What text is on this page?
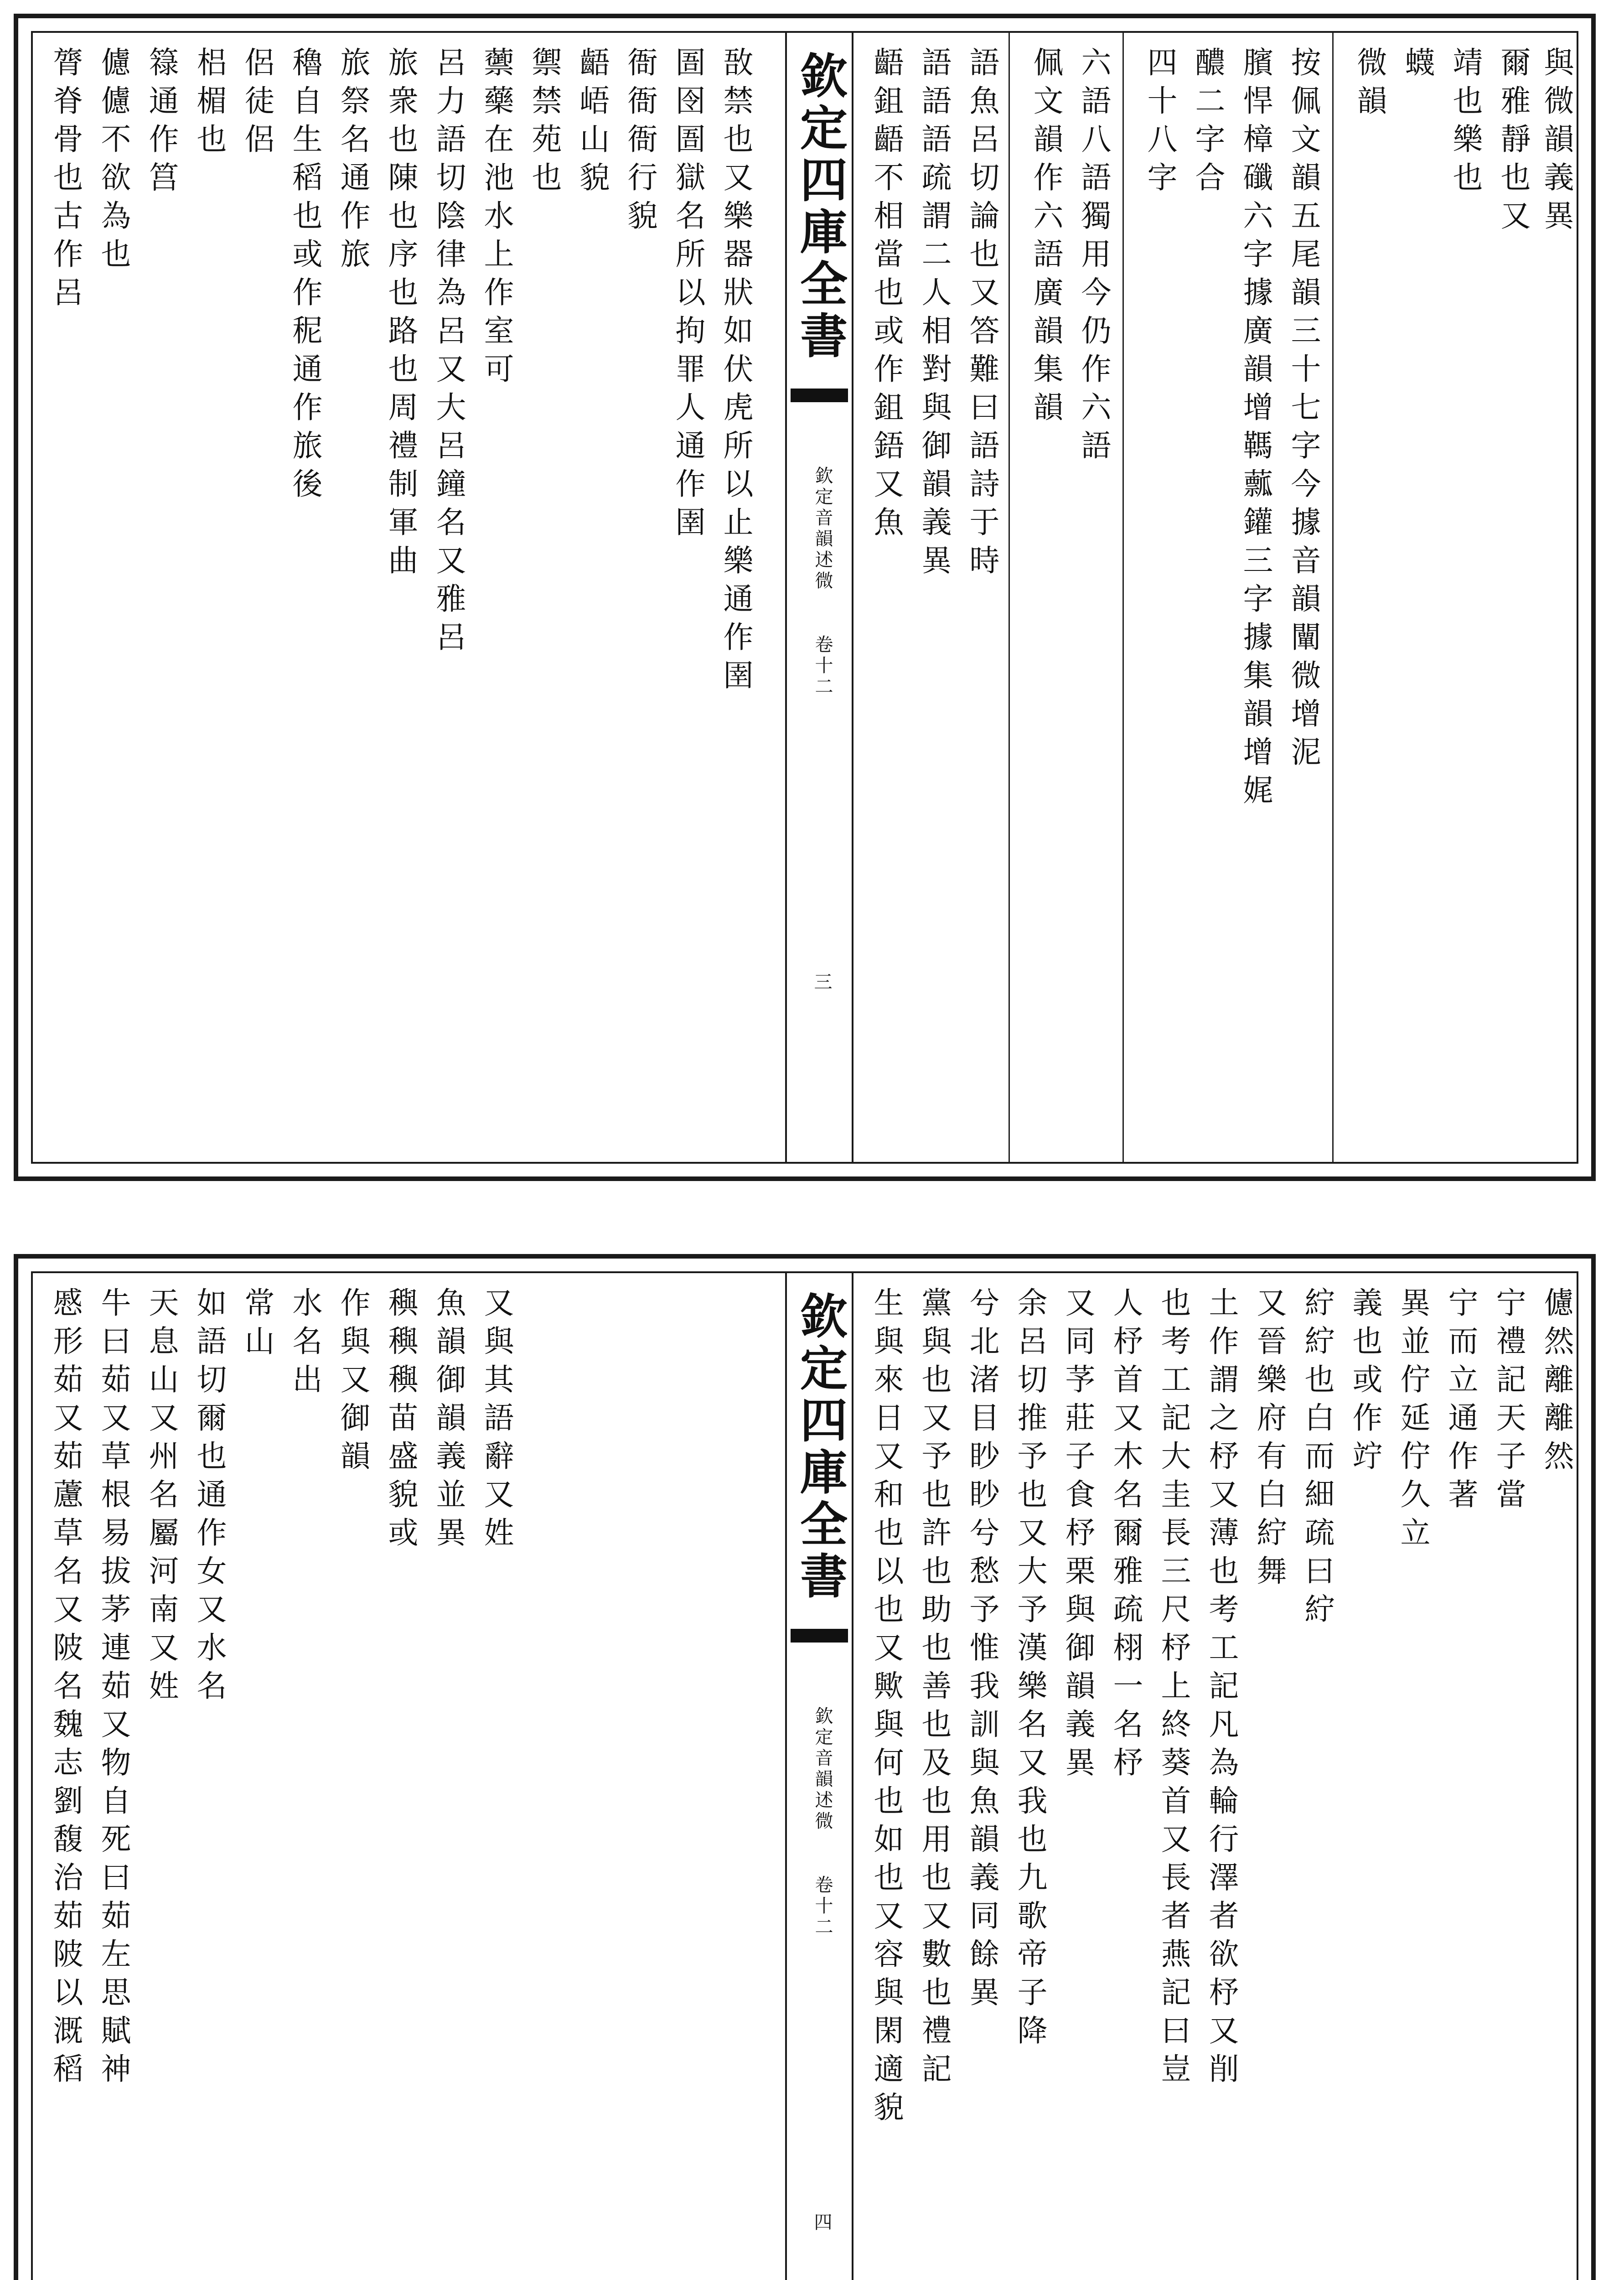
膂脊骨也古作呂 儢儢不欲為也 簶通作筥 梠楣也 侶徒侶 穭自生稻也或作秜通作旅後 旅祭名通作旅 旅衆也陳也序也路也周禮制軍曲 呂力語切陰律為呂又大呂鐘名又雅呂 蘌藥在池水上作室可 禦禁苑也 齬峿山貌 衙衙衙行貌 圄囹圄獄名所以拘罪人通作圉 敔禁也又樂器狀如伏虎所以止樂通作圉 欽定四庫全書
欽定音韻述微
卷十二
三
齬鉏齬不相當也或作鉏鋙又魚 語語語疏謂二人相對與御韻義異 語魚呂切論也又答難曰語詩于時 佩文韻作六語廣韻集韻 六語八語獨用今仍作六語	四十八字 醲二字合 臏悍樟䃸六字據廣韻增䩻䕯鑵三字據集韻增娓 按佩文韻五尾韻三十七字今據音韻闡微增泥	微韻 蠛 靖也樂也 爾雅靜也又 與微韻義異
慼形茹又茹藘草名又陂名魏志劉馥治茹陂以溉稻 牛曰茹又草根易拔茅連茹又物自死曰茹左思賦神 天息山又州名屬河南又姓 如語切爾也通作女又水名 常山 水名出 作與又御韻 穥穥穥苗盛貌或 魚韻御韻義並異 又與其語辭又姓	欽定四庫全書
欽定音韻述微
卷十二
四
生與來日又和也以也又歟與何也如也又容與閑適貌 黨與也又予也許也助也善也及也用也又數也禮記 兮北渚目眇眇兮愁予惟我訓與魚韻義同餘異 余呂切推予也又大予漢樂名又我也九歌帝子降 又同芧莊子食杼栗與御韻義異 人杼首又木名爾雅疏栩一名杼 也考工記大圭長三尺杼上終葵首又長者燕記曰豈 土作謂之杼又薄也考工記凡為輪行澤者欲杼又削 又晉樂府有白紵舞 紵紵也白而細疏曰紵 義也或作竚 異並佇延佇久立 宁而立通作著 宁禮記天子當 儢然離離然
